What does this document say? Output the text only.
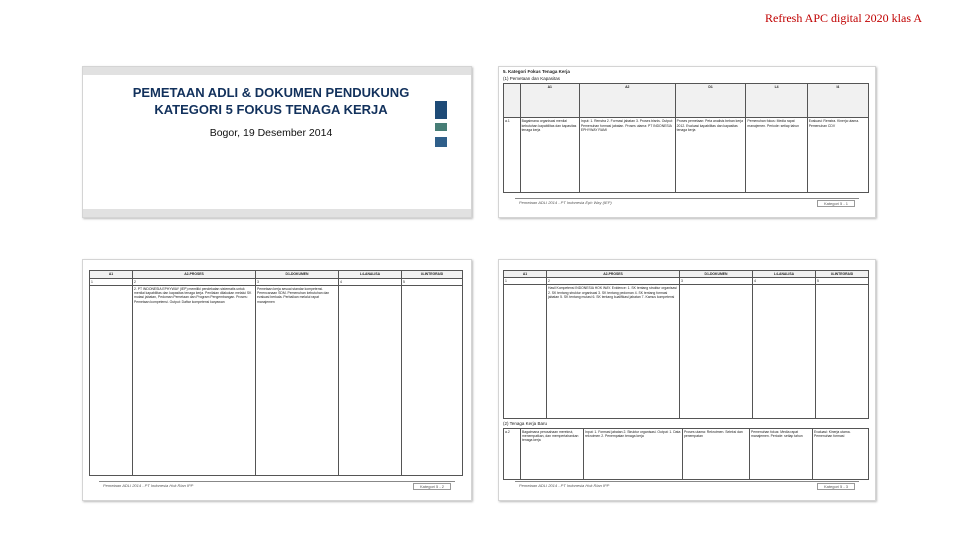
Refresh APC digital 2020 klas A
PEMETAAN ADLI & DOKUMEN PENDUKUNG
KATEGORI 5 FOKUS TENAGA KERJA
Bogor, 19 Desember 2014
5. Kategori Fokus Tenaga Kerja
(1) Pemetaan dan Kapasitas
	A1	A2	D1	L4	I4
a.1	Bagaimana organisasi menilai kebutuhan kapabilitas dan kapasitas tenaga kerja	Input: 1. Renstra 2. Formasi jabatan 3. Proses bisnis. Output: Pemenuhan formasi jabatan. Proses utama: PT INDONESIA EPHYWAY RAMI	Proses pemetaan: Peta analisis beban kerja 2012. Evaluasi kapabilitas dan kapasitas tenaga kerja	Pemenuhan fokus: Media rapat manajemen. Periode: setiap tahun	Evaluasi: Renstra. Kinerja utama. Pemenuhan CDV
Pemetaan ADLI 2014 - PT Indonesia Eph Way (IEP)	Kategori 5 - 1
A1	A2-PROSES	D1-DOKUMEN	L4-ANALISA	I4-INTEGRASI
1	2	3	4	5
	2. PT INDONESIA EPHYWAY (IEP) memiliki pendekatan sistematis untuk menilai kapabilitas dan kapasitas tenaga kerja. Penilaian dilakukan melalui SK mutasi jabatan, Pedoman Pemetaan dan Program Pengembangan. Proses: Pemetaan kompetensi. Output: Daftar kompetensi karyawan	Pemetaan kerja sesuai standar kompetensi. Perencanaan SDM. Pemenuhan kebutuhan dan evaluasi berkala. Perbaikan melalui rapat manajemen		
Pemetaan ADLI 2014 - PT Indonesia Hok Rian IPP	Kategori 5 - 2
A1	A2-PROSES	D1-DOKUMEN	L4-ANALISA	I4-INTEGRASI
1	2	3	4	5
	Hasil Kompetensi INDONESIA HOK WAY. Evidence: 1. SK tentang struktur organisasi 2. SK tentang struktur organisasi 3. SK tentang pedoman 4. SK tentang formasi jabatan 5. SK tentang mutasi 6. SK tentang kualifikasi jabatan 7. Kamus kompetensi			
(2) Tenaga Kerja Baru
a.2	Bagaimana perusahaan merekrut, menempatkan, dan mempertahankan tenaga kerja	Input: 1. Formasi jabatan 2. Struktur organisasi. Output: 1. Data rekrutmen 2. Penempatan tenaga kerja	Proses utama: Rekrutmen. Seleksi dan penempatan	Pemenuhan fokus: Media rapat manajemen. Periode: setiap tahun	Evaluasi: Kinerja utama. Pemenuhan formasi
Pemetaan ADLI 2014 - PT Indonesia Hok Rian IPP	Kategori 5 - 3
